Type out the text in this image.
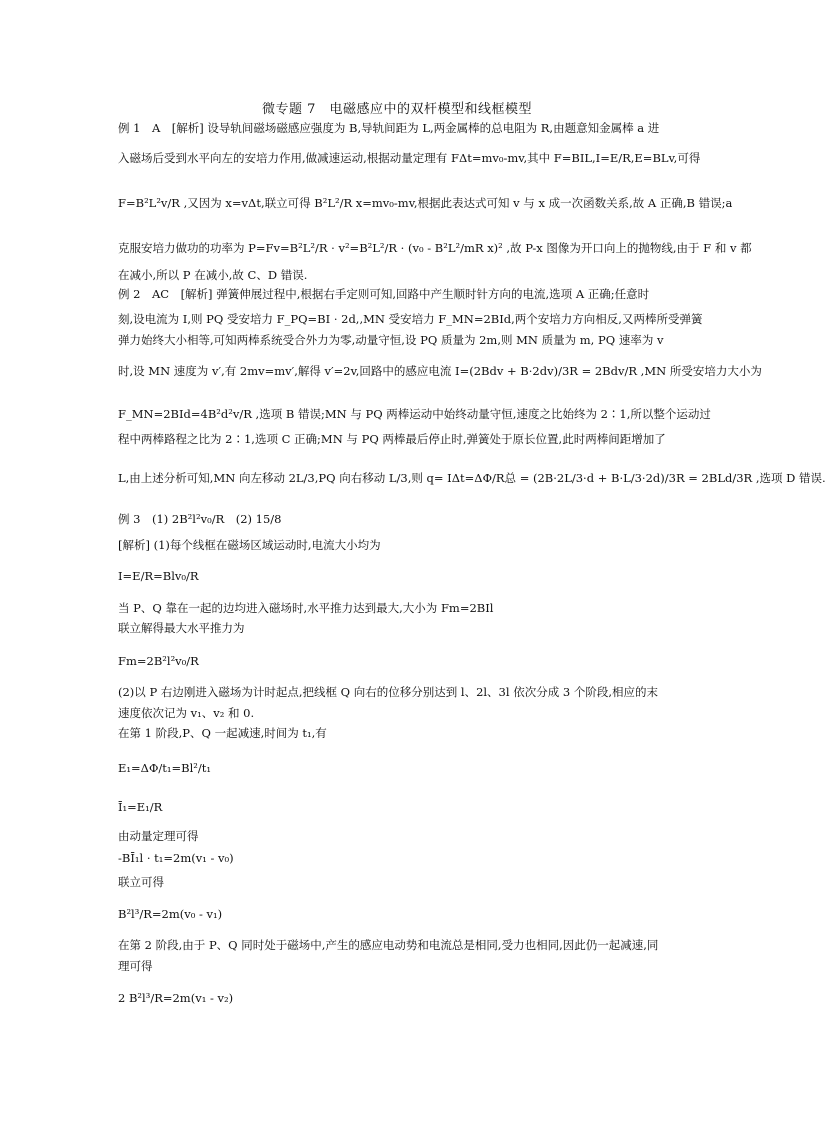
微专题 7　电磁感应中的双杆模型和线框模型
例 1　A　[解析] 设导轨间磁场磁感应强度为 B,导轨间距为 L,两金属棒的总电阻为 R,由题意知金属棒 a 进
入磁场后受到水平向左的安培力作用,做减速运动,根据动量定理有 FΔt=mv₀-mv,其中 F=BIL,I=E/R,E=BLv,可得
F=B²L²v/R ,又因为 x=vΔt,联立可得 B²L²/R x=mv₀-mv,根据此表达式可知 v 与 x 成一次函数关系,故 A 正确,B 错误;a
克服安培力做功的功率为 P=Fv=B²L²/R · v²=B²L²/R · (v₀ - B²L²/mR x)² ,故 P-x 图像为开口向上的抛物线,由于 F 和 v 都
在减小,所以 P 在减小,故 C、D 错误.
例 2　AC　[解析] 弹簧伸展过程中,根据右手定则可知,回路中产生顺时针方向的电流,选项 A 正确;任意时
刻,设电流为 I,则 PQ 受安培力 F_PQ=BI · 2d,,MN 受安培力 F_MN=2BId,两个安培力方向相反,又两棒所受弹簧
弹力始终大小相等,可知两棒系统受合外力为零,动量守恒,设 PQ 质量为 2m,则 MN 质量为 m, PQ 速率为 v
时,设 MN 速度为 v′,有 2mv=mv′,解得 v′=2v,回路中的感应电流 I=(2Bdv + B·2dv)/3R = 2Bdv/R ,MN 所受安培力大小为
F_MN=2BId=4B²d²v/R ,选项 B 错误;MN 与 PQ 两棒运动中始终动量守恒,速度之比始终为 2∶1,所以整个运动过
程中两棒路程之比为 2∶1,选项 C 正确;MN 与 PQ 两棒最后停止时,弹簧处于原长位置,此时两棒间距增加了
L,由上述分析可知,MN 向左移动 2L/3,PQ 向右移动 L/3,则 q= IΔt=ΔΦ/R总 = (2B·2L/3·d + B·L/3·2d)/3R = 2BLd/3R ,选项 D 错误.
例 3　(1) 2B²l²v₀/R　(2) 15/8
[解析] (1)每个线框在磁场区域运动时,电流大小均为
I=E/R=Blv₀/R
当 P、Q 靠在一起的边均进入磁场时,水平推力达到最大,大小为 Fm=2BIl
联立解得最大水平推力为
Fm=2B²l²v₀/R
(2)以 P 右边刚进入磁场为计时起点,把线框 Q 向右的位移分别达到 l、2l、3l 依次分成 3 个阶段,相应的末
速度依次记为 v₁、v₂ 和 0.
在第 1 阶段,P、Q 一起减速,时间为 t₁,有
E₁=ΔΦ/t₁=Bl²/t₁
Ī₁=E₁/R
由动量定理可得
-BĪ₁l · t₁=2m(v₁ - v₀)
联立可得
B²l³/R=2m(v₀ - v₁)
在第 2 阶段,由于 P、Q 同时处于磁场中,产生的感应电动势和电流总是相同,受力也相同,因此仍一起减速,同
理可得
2 B²l³/R=2m(v₁ - v₂)
